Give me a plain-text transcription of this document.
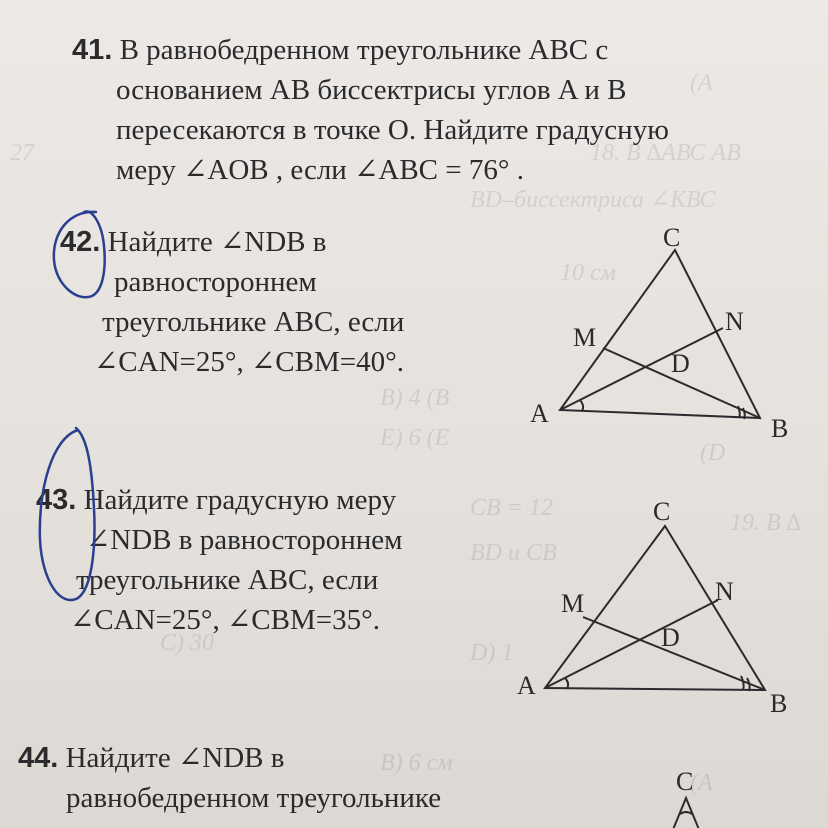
(А
18. В ∆АВС АВ
ВD–биссектриса ∠КВС
27
10 см
В) 4 (В
Е) 6 (Е
(D
CB = 12
ВD и СВ
19. В ∆
C) 30	D) 1
В) 6 см
(А
41. В равнобедренном треугольнике ABC с
основанием AB биссектрисы углов A и B
пересекаются в точке O. Найдите градусную
меру ∠AOB , если ∠ABC = 76° .
42. Найдите ∠NDB в
равностороннем
треугольнике ABC, если
∠CAN=25°, ∠CBM=40°.
C
M
N
D
A
B
43. Найдите градусную меру
∠NDB в равностороннем
треугольнике ABC, если
∠CAN=25°, ∠CBM=35°.
C
M	N
D
A
B
44. Найдите ∠NDB в
равнобедренном треугольнике
C
